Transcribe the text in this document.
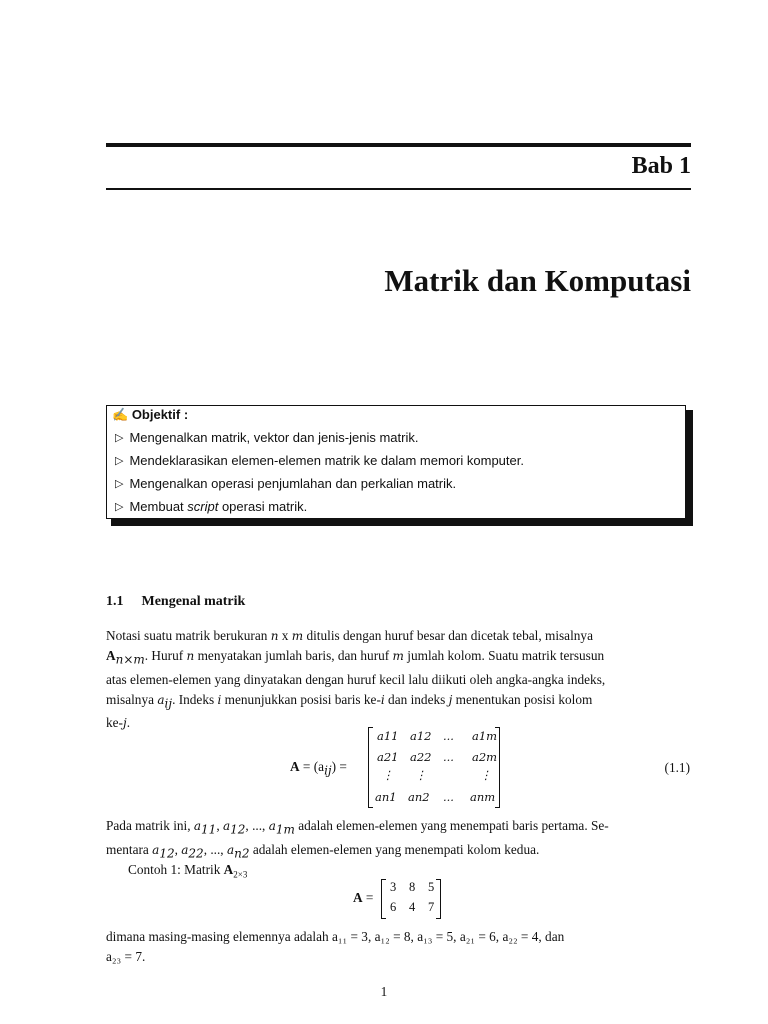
Bab 1
Matrik dan Komputasi
✍ Objektif :
▷ Mengenalkan matrik, vektor dan jenis-jenis matrik.
▷ Mendeklarasikan elemen-elemen matrik ke dalam memori komputer.
▷ Mengenalkan operasi penjumlahan dan perkalian matrik.
▷ Membuat script operasi matrik.
1.1 Mengenal matrik
Notasi suatu matrik berukuran n x m ditulis dengan huruf besar dan dicetak tebal, misalnya
$A_{n\times m}$. Huruf n menyatakan jumlah baris, dan huruf m jumlah kolom. Suatu matrik tersusun
atas elemen-elemen yang dinyatakan dengan huruf kecil lalu diikuti oleh angka-angka indeks,
misalnya $a_{ij}$. Indeks i menunjukkan posisi baris ke-i dan indeks j menentukan posisi kolom
ke-j.
$A = (a_{ij})$ =
a11 a12 ... a1m
a21 a22 ... a2m
⋮ ⋮	⋮
an1 an2 ... anm
(1.1)
Pada matrik ini, $a_{11}$, $a_{12}$, ..., $a_{1m}$ adalah elemen-elemen yang menempati baris pertama. Se-
mentara $a_{12}$, $a_{22}$, ..., $a_{n2}$ adalah elemen-elemen yang menempati kolom kedua.
Contoh 1: Matrik $A_{2\times 3}$
A =
3 8 5
6 4 7
dimana masing-masing elemennya adalah a₁₁ = 3, a₁₂ = 8, a₁₃ = 5, a₂₁ = 6, a₂₂ = 4, dan
a₂₃ = 7.
1
